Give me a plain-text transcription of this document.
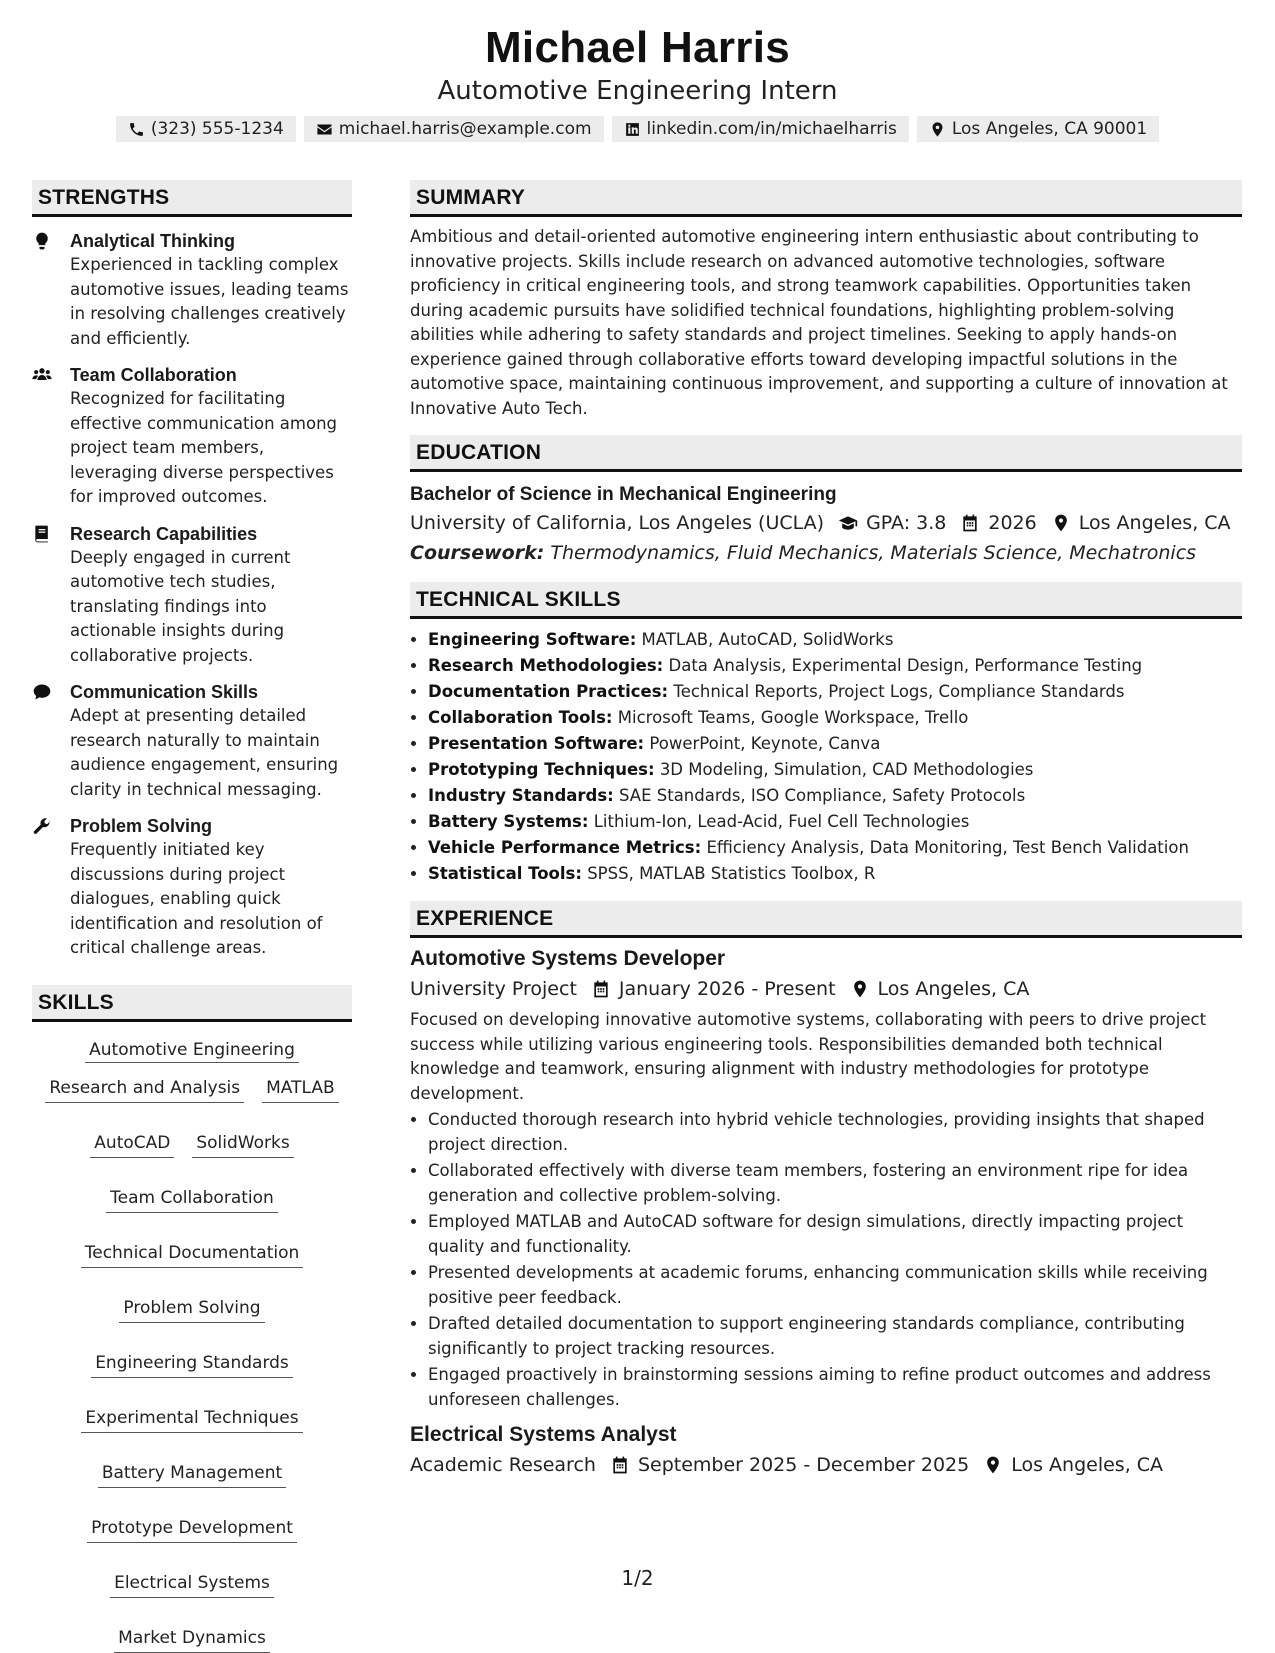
Michael Harris
Automotive Engineering Intern
(323) 555-1234	michael.harris@example.com	linkedin.com/in/michaelharris	Los Angeles, CA 90001
STRENGTHS
Analytical Thinking
Experienced in tackling complex automotive issues, leading teams in resolving challenges creatively and efficiently.
Team Collaboration
Recognized for facilitating effective communication among project team members, leveraging diverse perspectives for improved outcomes.
Research Capabilities
Deeply engaged in current automotive tech studies, translating findings into actionable insights during collaborative projects.
Communication Skills
Adept at presenting detailed research naturally to maintain audience engagement, ensuring clarity in technical messaging.
Problem Solving
Frequently initiated key discussions during project dialogues, enabling quick identification and resolution of critical challenge areas.
SKILLS
Automotive Engineering
Research and Analysis MATLAB
AutoCAD SolidWorks
Team Collaboration
Technical Documentation
Problem Solving
Engineering Standards
Experimental Techniques
Battery Management
Prototype Development
Electrical Systems
Market Dynamics
SUMMARY
Ambitious and detail-oriented automotive engineering intern enthusiastic about contributing to innovative projects. Skills include research on advanced automotive technologies, software proficiency in critical engineering tools, and strong teamwork capabilities. Opportunities taken during academic pursuits have solidified technical foundations, highlighting problem-solving abilities while adhering to safety standards and project timelines. Seeking to apply hands-on experience gained through collaborative efforts toward developing impactful solutions in the automotive space, maintaining continuous improvement, and supporting a culture of innovation at Innovative Auto Tech.
EDUCATION
Bachelor of Science in Mechanical Engineering
University of California, Los Angeles (UCLA) GPA: 3.8 2026 Los Angeles, CA
Coursework: Thermodynamics, Fluid Mechanics, Materials Science, Mechatronics
TECHNICAL SKILLS
• Engineering Software: MATLAB, AutoCAD, SolidWorks
• Research Methodologies: Data Analysis, Experimental Design, Performance Testing
• Documentation Practices: Technical Reports, Project Logs, Compliance Standards
• Collaboration Tools: Microsoft Teams, Google Workspace, Trello
• Presentation Software: PowerPoint, Keynote, Canva
• Prototyping Techniques: 3D Modeling, Simulation, CAD Methodologies
• Industry Standards: SAE Standards, ISO Compliance, Safety Protocols
• Battery Systems: Lithium-Ion, Lead-Acid, Fuel Cell Technologies
• Vehicle Performance Metrics: Efficiency Analysis, Data Monitoring, Test Bench Validation
• Statistical Tools: SPSS, MATLAB Statistics Toolbox, R
EXPERIENCE
Automotive Systems Developer
University Project January 2026 - Present Los Angeles, CA
Focused on developing innovative automotive systems, collaborating with peers to drive project success while utilizing various engineering tools. Responsibilities demanded both technical knowledge and teamwork, ensuring alignment with industry methodologies for prototype development.
• Conducted thorough research into hybrid vehicle technologies, providing insights that shaped project direction.
• Collaborated effectively with diverse team members, fostering an environment ripe for idea generation and collective problem-solving.
• Employed MATLAB and AutoCAD software for design simulations, directly impacting project quality and functionality.
• Presented developments at academic forums, enhancing communication skills while receiving positive peer feedback.
• Drafted detailed documentation to support engineering standards compliance, contributing significantly to project tracking resources.
• Engaged proactively in brainstorming sessions aiming to refine product outcomes and address unforeseen challenges.
Electrical Systems Analyst
Academic Research September 2025 - December 2025 Los Angeles, CA
1/2
